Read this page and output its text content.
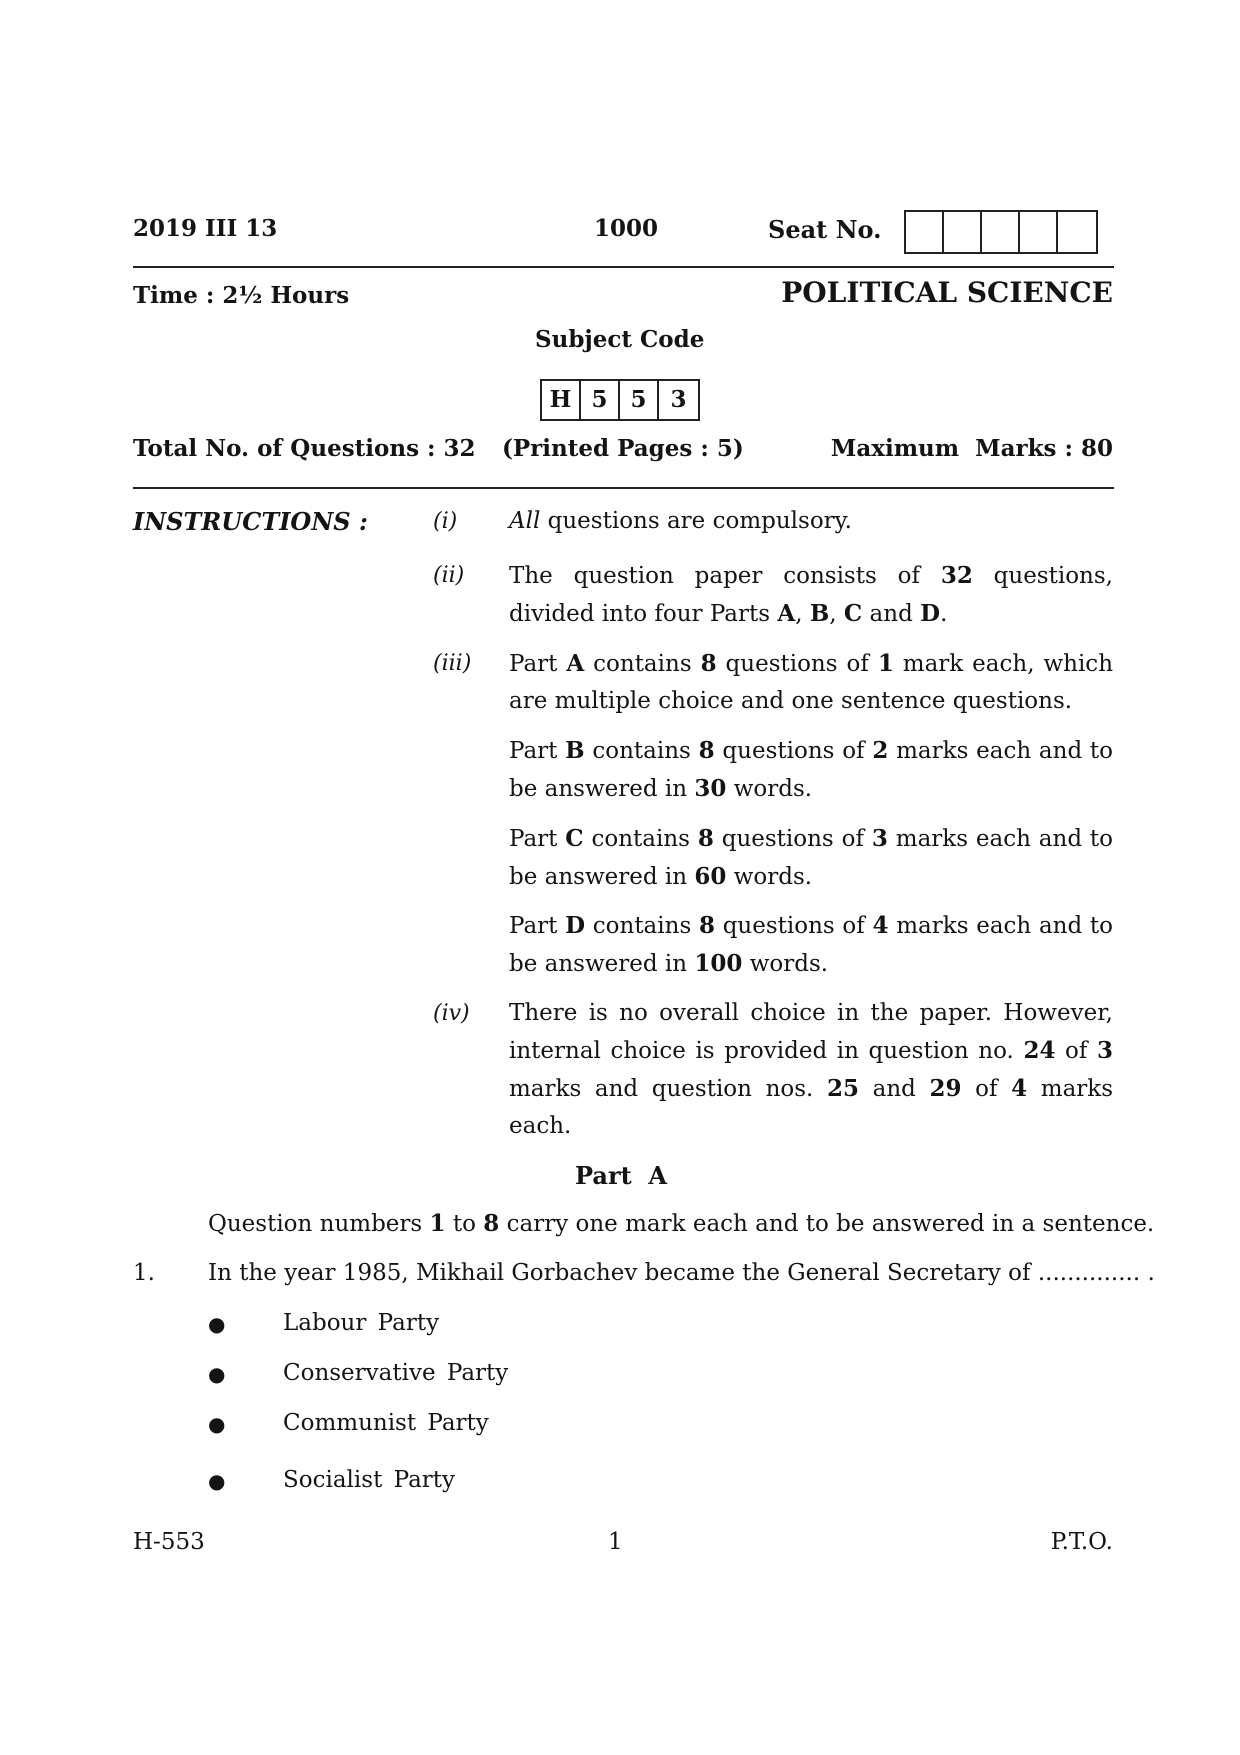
2019 III 13	1000	Seat No.
Time : 2½ Hours	POLITICAL SCIENCE
Subject Code
H 5 5	3
Total No. of Questions : 32 (Printed Pages : 5)	Maximum  Marks : 80
INSTRUCTIONS :	(i) All questions are compulsory.
(ii) The question paper consists of 32 questions, divided into four Parts A, B, C and D.
(iii) Part A contains 8 questions of 1 mark each, which are multiple choice and one sentence questions.
Part B contains 8 questions of 2 marks each and to be answered in 30 words.
Part C contains 8 questions of 3 marks each and to be answered in 60 words.
Part D contains 8 questions of 4 marks each and to be answered in 100 words.
(iv) There is no overall choice in the paper. However, internal choice is provided in question no. 24 of 3 marks and question nos. 25 and 29 of 4 marks each.
Part  A
Question numbers 1 to 8 carry one mark each and to be answered in a sentence.
1. In the year 1985, Mikhail Gorbachev became the General Secretary of .............. .
●	Labour Party
●	Conservative Party
●	Communist Party
●	Socialist Party
H-553	1	P.T.O.
